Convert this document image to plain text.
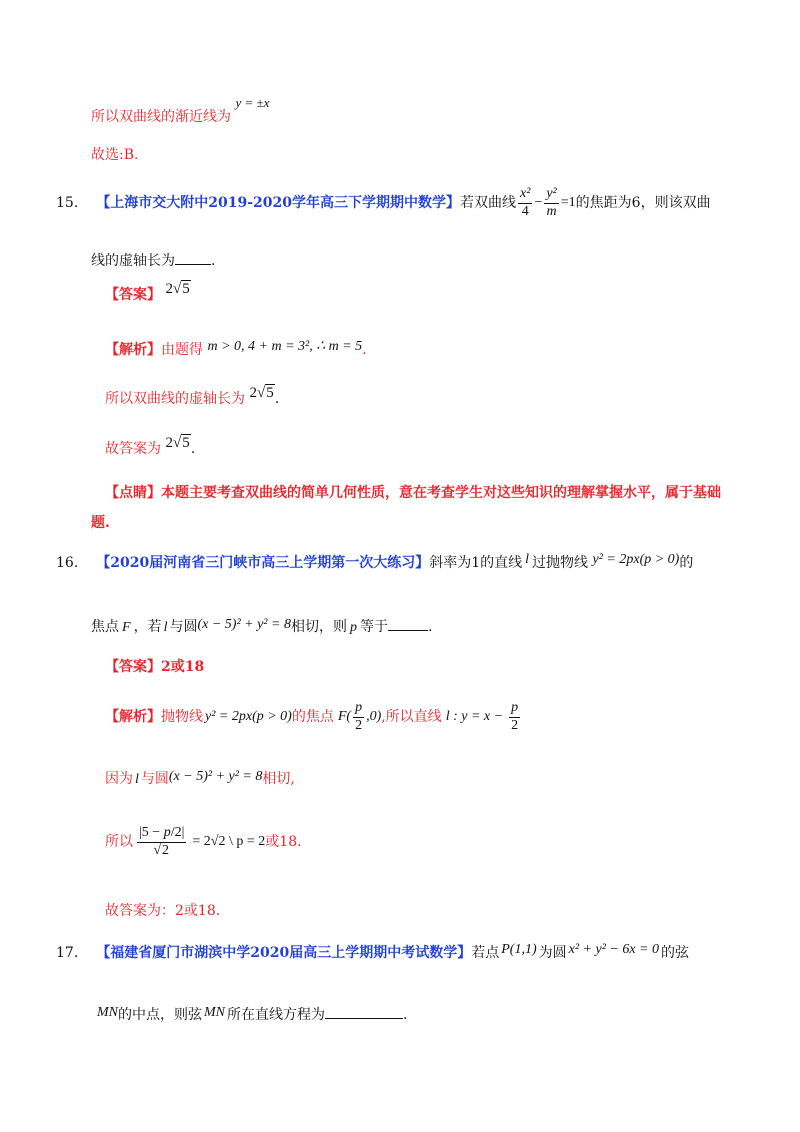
所以双曲线的渐近线为 y = ±x
故选:B.
15. 【上海市交大附中2019-2020学年高三下学期期中数学】 若双曲线 $\frac{\text{x²}}{4} - \frac{\text{y²}}{m} =1$ 的焦距为6，则该双曲
线的虚轴长为	.
【答案】 2√5
【解析】由题得 m > 0, 4 + m = 3², ∴ m = 5.
所以双曲线的虚轴长为 2√5.
故答案为 2√5.
【点睛】本题主要考查双曲线的简单几何性质，意在考查学生对这些知识的理解掌握水平，属于基础
题.
16. 【2020届河南省三门峡市高三上学期第一次大练习】斜率为1的直线 l 过抛物线 y² = 2px(p > 0)的
焦点 F ，若 l 与圆(x − 5)² + y² = 8相切，则 p 等于	.
【答案】2或18
【解析】 抛物线 y² = 2px(p > 0) 的焦点 $F( \frac{p}{2} ,0)$ ,所以直线 l : $y = x - \frac{p}{2}$
因为 l 与圆(x − 5)² + y² = 8相切,
所以 $\frac{|5 - p/2|}{√2} = 2√2$ \ p = 2 或18.
故答案为：2或18.
17. 【福建省厦门市湖滨中学2020届高三上学期期中考试数学】若点 P(1,1) 为圆 x² + y² − 6x = 0 的弦
MN的中点，则弦 MN 所在直线方程为	.
